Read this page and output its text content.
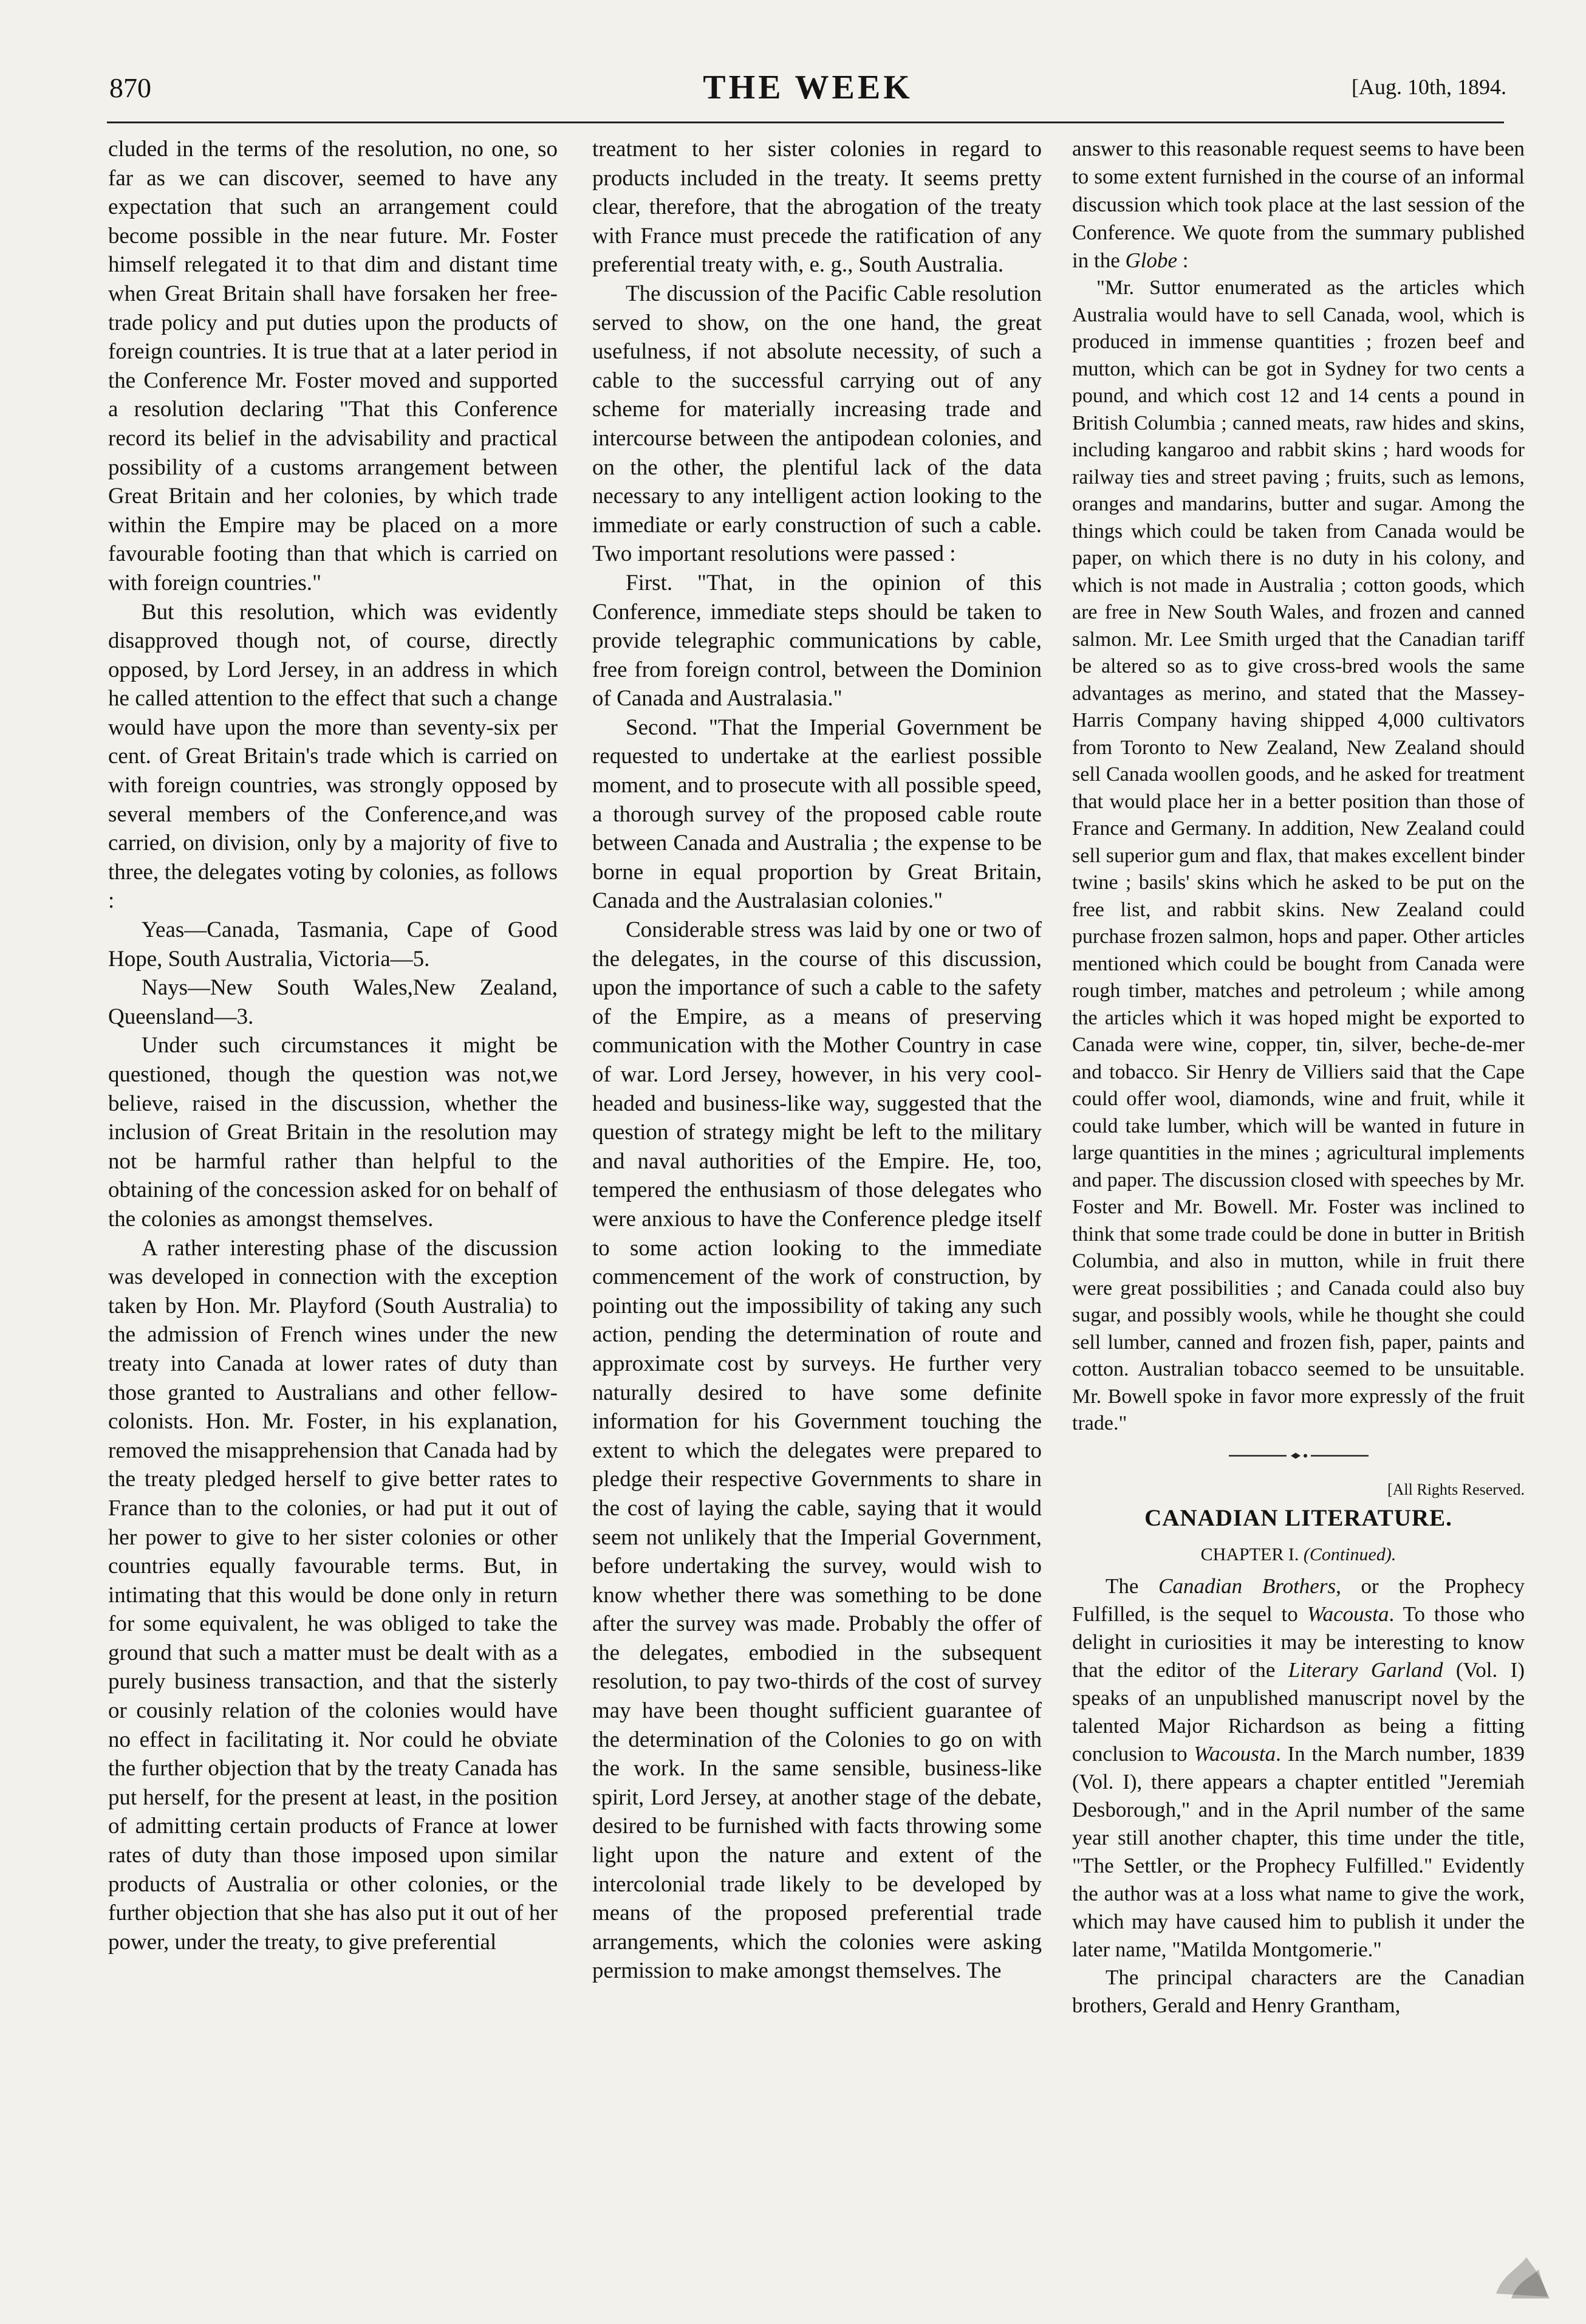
870	THE WEEK	[Aug. 10th, 1894.

cluded in the terms of the resolution, no one, so far as we can discover, seemed to have any expectation that such an arrangement could become possible in the near future. Mr. Foster himself relegated it to that dim and distant time when Great Britain shall have forsaken her free-trade policy and put duties upon the products of foreign countries. It is true that at a later period in the Conference Mr. Foster moved and supported a resolution declaring "That this Conference record its belief in the advisability and practical possibility of a customs arrangement between Great Britain and her colonies, by which trade within the Empire may be placed on a more favourable footing than that which is carried on with foreign countries."

But this resolution, which was evidently disapproved though not, of course, directly opposed, by Lord Jersey, in an address in which he called attention to the effect that such a change would have upon the more than seventy-six per cent. of Great Britain's trade which is carried on with foreign countries, was strongly opposed by several members of the Conference,and was carried, on division, only by a majority of five to three, the delegates voting by colonies, as follows :

Yeas—Canada, Tasmania, Cape of Good Hope, South Australia, Victoria—5.

Nays—New South Wales,New Zealand, Queensland—3.

Under such circumstances it might be questioned, though the question was not,we believe, raised in the discussion, whether the inclusion of Great Britain in the resolution may not be harmful rather than helpful to the obtaining of the concession asked for on behalf of the colonies as amongst themselves.

A rather interesting phase of the discussion was developed in connection with the exception taken by Hon. Mr. Playford (South Australia) to the admission of French wines under the new treaty into Canada at lower rates of duty than those granted to Australians and other fellow-colonists. Hon. Mr. Foster, in his explanation, removed the misapprehension that Canada had by the treaty pledged herself to give better rates to France than to the colonies, or had put it out of her power to give to her sister colonies or other countries equally favourable terms. But, in intimating that this would be done only in return for some equivalent, he was obliged to take the ground that such a matter must be dealt with as a purely business transaction, and that the sisterly or cousinly relation of the colonies would have no effect in facilitating it. Nor could he obviate the further objection that by the treaty Canada has put herself, for the present at least, in the position of admitting certain products of France at lower rates of duty than those imposed upon similar products of Australia or other colonies, or the further objection that she has also put it out of her power, under the treaty, to give preferential

treatment to her sister colonies in regard to products included in the treaty. It seems pretty clear, therefore, that the abrogation of the treaty with France must precede the ratification of any preferential treaty with, e. g., South Australia.

The discussion of the Pacific Cable resolution served to show, on the one hand, the great usefulness, if not absolute necessity, of such a cable to the successful carrying out of any scheme for materially increasing trade and intercourse between the antipodean colonies, and on the other, the plentiful lack of the data necessary to any intelligent action looking to the immediate or early construction of such a cable. Two important resolutions were passed :

First. "That, in the opinion of this Conference, immediate steps should be taken to provide telegraphic communications by cable, free from foreign control, between the Dominion of Canada and Australasia."

Second. "That the Imperial Government be requested to undertake at the earliest possible moment, and to prosecute with all possible speed, a thorough survey of the proposed cable route between Canada and Australia ; the expense to be borne in equal proportion by Great Britain, Canada and the Australasian colonies."

Considerable stress was laid by one or two of the delegates, in the course of this discussion, upon the importance of such a cable to the safety of the Empire, as a means of preserving communication with the Mother Country in case of war. Lord Jersey, however, in his very cool-headed and business-like way, suggested that the question of strategy might be left to the military and naval authorities of the Empire. He, too, tempered the enthusiasm of those delegates who were anxious to have the Conference pledge itself to some action looking to the immediate commencement of the work of construction, by pointing out the impossibility of taking any such action, pending the determination of route and approximate cost by surveys. He further very naturally desired to have some definite information for his Government touching the extent to which the delegates were prepared to pledge their respective Governments to share in the cost of laying the cable, saying that it would seem not unlikely that the Imperial Government, before undertaking the survey, would wish to know whether there was something to be done after the survey was made. Probably the offer of the delegates, embodied in the subsequent resolution, to pay two-thirds of the cost of survey may have been thought sufficient guarantee of the determination of the Colonies to go on with the work. In the same sensible, business-like spirit, Lord Jersey, at another stage of the debate, desired to be furnished with facts throwing some light upon the nature and extent of the intercolonial trade likely to be developed by means of the proposed preferential trade arrangements, which the colonies were asking permission to make amongst themselves. The

answer to this reasonable request seems to have been to some extent furnished in the course of an informal discussion which took place at the last session of the Conference. We quote from the summary published in the Globe :

"Mr. Suttor enumerated as the articles which Australia would have to sell Canada, wool, which is produced in immense quantities ; frozen beef and mutton, which can be got in Sydney for two cents a pound, and which cost 12 and 14 cents a pound in British Columbia ; canned meats, raw hides and skins, including kangaroo and rabbit skins ; hard woods for railway ties and street paving ; fruits, such as lemons, oranges and mandarins, butter and sugar. Among the things which could be taken from Canada would be paper, on which there is no duty in his colony, and which is not made in Australia ; cotton goods, which are free in New South Wales, and frozen and canned salmon. Mr. Lee Smith urged that the Canadian tariff be altered so as to give cross-bred wools the same advantages as merino, and stated that the Massey-Harris Company having shipped 4,000 cultivators from Toronto to New Zealand, New Zealand should sell Canada woollen goods, and he asked for treatment that would place her in a better position than those of France and Germany. In addition, New Zealand could sell superior gum and flax, that makes excellent binder twine ; basils' skins which he asked to be put on the free list, and rabbit skins. New Zealand could purchase frozen salmon, hops and paper. Other articles mentioned which could be bought from Canada were rough timber, matches and petroleum ; while among the articles which it was hoped might be exported to Canada were wine, copper, tin, silver, beche-de-mer and tobacco. Sir Henry de Villiers said that the Cape could offer wool, diamonds, wine and fruit, while it could take lumber, which will be wanted in future in large quantities in the mines ; agricultural implements and paper. The discussion closed with speeches by Mr. Foster and Mr. Bowell. Mr. Foster was inclined to think that some trade could be done in butter in British Columbia, and also in mutton, while in fruit there were great possibilities ; and Canada could also buy sugar, and possibly wools, while he thought she could sell lumber, canned and frozen fish, paper, paints and cotton. Australian tobacco seemed to be unsuitable. Mr. Bowell spoke in favor more expressly of the fruit trade."

[All Rights Reserved.

CANADIAN LITERATURE.

CHAPTER I. (Continued).

The Canadian Brothers, or the Prophecy Fulfilled, is the sequel to Wacousta. To those who delight in curiosities it may be interesting to know that the editor of the Literary Garland (Vol. I) speaks of an unpublished manuscript novel by the talented Major Richardson as being a fitting conclusion to Wacousta. In the March number, 1839 (Vol. I), there appears a chapter entitled "Jeremiah Desborough," and in the April number of the same year still another chapter, this time under the title, "The Settler, or the Prophecy Fulfilled." Evidently the author was at a loss what name to give the work, which may have caused him to publish it under the later name, "Matilda Montgomerie."

The principal characters are the Canadian brothers, Gerald and Henry Grantham,
